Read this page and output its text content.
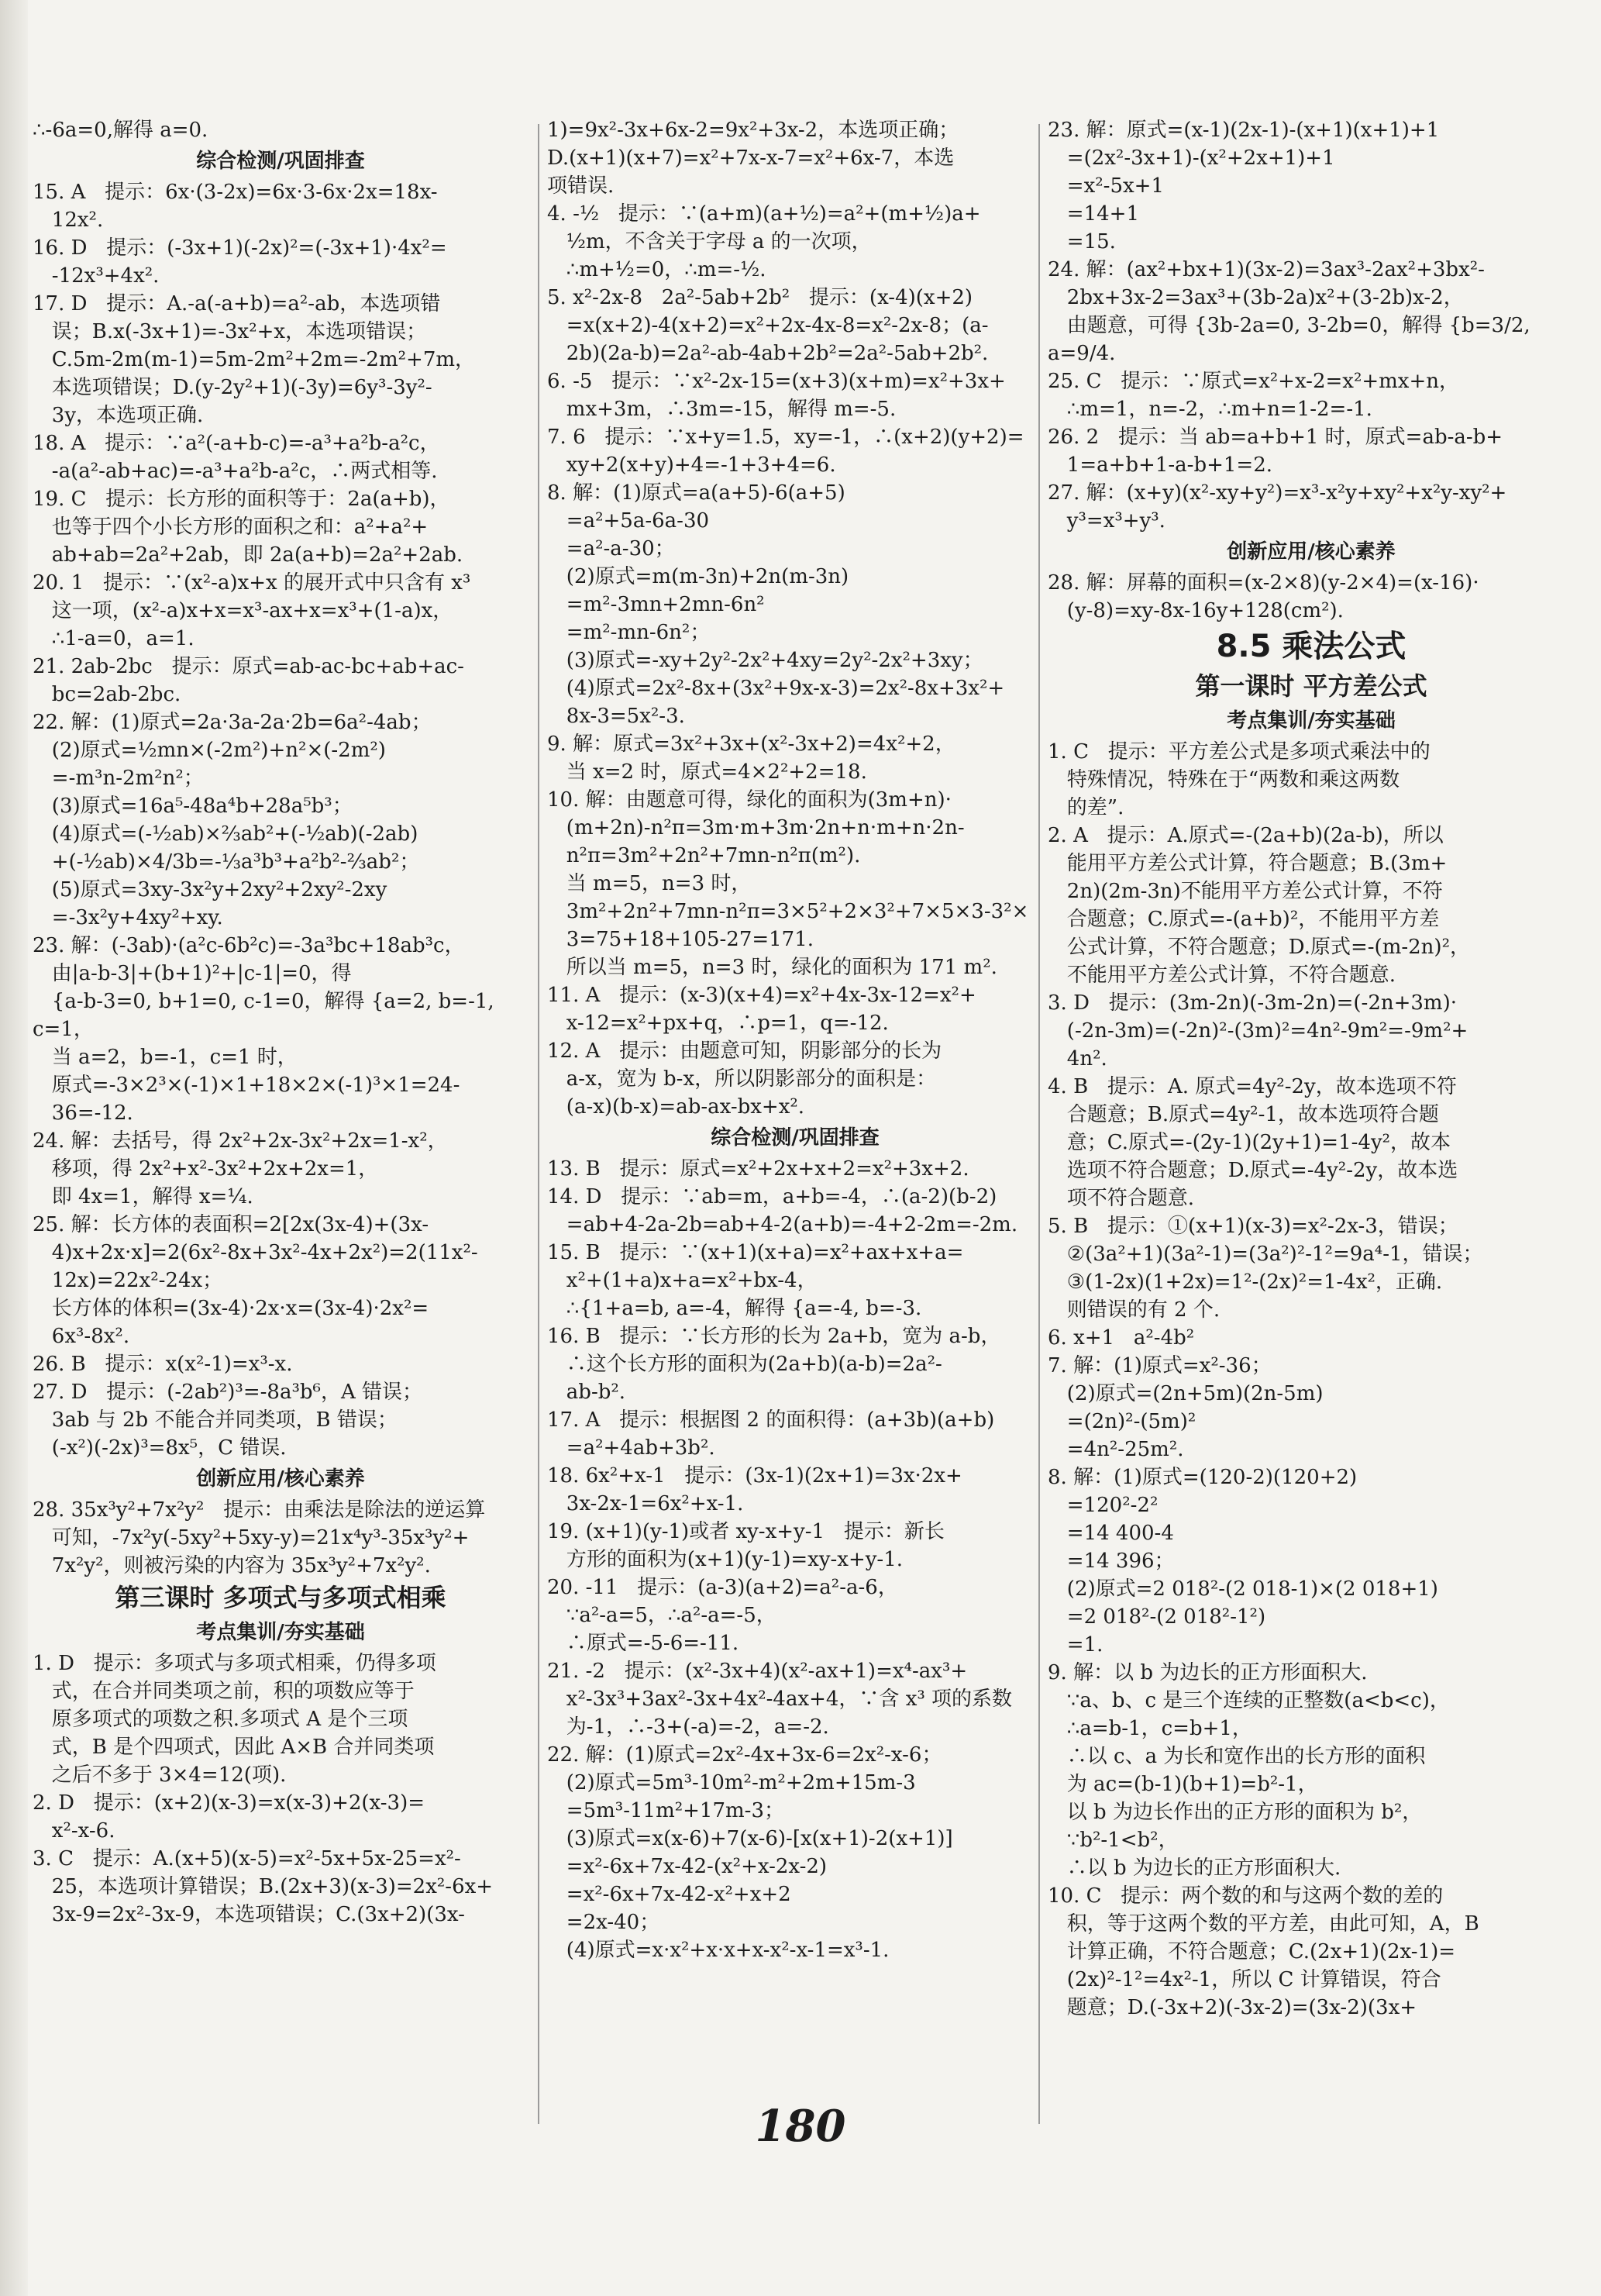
∴-6a=0,解得 a=0.
综合检测/巩固排查
15. A   提示：6x·(3-2x)=6x·3-6x·2x=18x-
12x².
16. D   提示：(-3x+1)(-2x)²=(-3x+1)·4x²=
-12x³+4x².
17. D   提示：A.-a(-a+b)=a²-ab，本选项错
误；B.x(-3x+1)=-3x²+x，本选项错误；
C.5m-2m(m-1)=5m-2m²+2m=-2m²+7m，
本选项错误；D.(y-2y²+1)(-3y)=6y³-3y²-
3y，本选项正确.
18. A   提示：∵a²(-a+b-c)=-a³+a²b-a²c，
-a(a²-ab+ac)=-a³+a²b-a²c，∴两式相等.
19. C   提示：长方形的面积等于：2a(a+b)，
也等于四个小长方形的面积之和：a²+a²+
ab+ab=2a²+2ab，即 2a(a+b)=2a²+2ab.
20. 1   提示：∵(x²-a)x+x 的展开式中只含有 x³
这一项，(x²-a)x+x=x³-ax+x=x³+(1-a)x，
∴1-a=0，a=1.
21. 2ab-2bc   提示：原式=ab-ac-bc+ab+ac-
bc=2ab-2bc.
22. 解：(1)原式=2a·3a-2a·2b=6a²-4ab；
(2)原式=½mn×(-2m²)+n²×(-2m²)
=-m³n-2m²n²；
(3)原式=16a⁵-48a⁴b+28a⁵b³；
(4)原式=(-½ab)×⅔ab²+(-½ab)(-2ab)
+(-½ab)×4/3b=-⅓a³b³+a²b²-⅔ab²；
(5)原式=3xy-3x²y+2xy²+2xy²-2xy
=-3x²y+4xy²+xy.
23. 解：(-3ab)·(a²c-6b²c)=-3a³bc+18ab³c，
由|a-b-3|+(b+1)²+|c-1|=0，得
{a-b-3=0, b+1=0, c-1=0，解得 {a=2, b=-1, c=1，
当 a=2，b=-1，c=1 时，
原式=-3×2³×(-1)×1+18×2×(-1)³×1=24-
36=-12.
24. 解：去括号，得 2x²+2x-3x²+2x=1-x²，
移项，得 2x²+x²-3x²+2x+2x=1，
即 4x=1，解得 x=¼.
25. 解：长方体的表面积=2[2x(3x-4)+(3x-
4)x+2x·x]=2(6x²-8x+3x²-4x+2x²)=2(11x²-
12x)=22x²-24x；
长方体的体积=(3x-4)·2x·x=(3x-4)·2x²=
6x³-8x².
26. B   提示：x(x²-1)=x³-x.
27. D   提示：(-2ab²)³=-8a³b⁶，A 错误；
3ab 与 2b 不能合并同类项，B 错误；
(-x²)(-2x)³=8x⁵，C 错误.
创新应用/核心素养
28. 35x³y²+7x²y²   提示：由乘法是除法的逆运算
可知，-7x²y(-5xy²+5xy-y)=21x⁴y³-35x³y²+
7x²y²，则被污染的内容为 35x³y²+7x²y².
第三课时 多项式与多项式相乘
考点集训/夯实基础
1. D   提示：多项式与多项式相乘，仍得多项
式，在合并同类项之前，积的项数应等于
原多项式的项数之积.多项式 A 是个三项
式，B 是个四项式，因此 A×B 合并同类项
之后不多于 3×4=12(项).
2. D   提示：(x+2)(x-3)=x(x-3)+2(x-3)=
x²-x-6.
3. C   提示：A.(x+5)(x-5)=x²-5x+5x-25=x²-
25，本选项计算错误；B.(2x+3)(x-3)=2x²-6x+
3x-9=2x²-3x-9，本选项错误；C.(3x+2)(3x-
1)=9x²-3x+6x-2=9x²+3x-2，本选项正确；
D.(x+1)(x+7)=x²+7x-x-7=x²+6x-7，本选
项错误.
4. -½   提示：∵(a+m)(a+½)=a²+(m+½)a+
½m，不含关于字母 a 的一次项，
∴m+½=0，∴m=-½.
5. x²-2x-8   2a²-5ab+2b²   提示：(x-4)(x+2)
=x(x+2)-4(x+2)=x²+2x-4x-8=x²-2x-8；(a-
2b)(2a-b)=2a²-ab-4ab+2b²=2a²-5ab+2b².
6. -5   提示：∵x²-2x-15=(x+3)(x+m)=x²+3x+
mx+3m，∴3m=-15，解得 m=-5.
7. 6   提示：∵x+y=1.5，xy=-1，∴(x+2)(y+2)=
xy+2(x+y)+4=-1+3+4=6.
8. 解：(1)原式=a(a+5)-6(a+5)
=a²+5a-6a-30
=a²-a-30；
(2)原式=m(m-3n)+2n(m-3n)
=m²-3mn+2mn-6n²
=m²-mn-6n²；
(3)原式=-xy+2y²-2x²+4xy=2y²-2x²+3xy；
(4)原式=2x²-8x+(3x²+9x-x-3)=2x²-8x+3x²+
8x-3=5x²-3.
9. 解：原式=3x²+3x+(x²-3x+2)=4x²+2，
当 x=2 时，原式=4×2²+2=18.
10. 解：由题意可得，绿化的面积为(3m+n)·
(m+2n)-n²π=3m·m+3m·2n+n·m+n·2n-
n²π=3m²+2n²+7mn-n²π(m²).
当 m=5，n=3 时，
3m²+2n²+7mn-n²π=3×5²+2×3²+7×5×3-3²×
3=75+18+105-27=171.
所以当 m=5，n=3 时，绿化的面积为 171 m².
11. A   提示：(x-3)(x+4)=x²+4x-3x-12=x²+
x-12=x²+px+q，∴p=1，q=-12.
12. A   提示：由题意可知，阴影部分的长为
a-x，宽为 b-x，所以阴影部分的面积是：
(a-x)(b-x)=ab-ax-bx+x².
综合检测/巩固排查
13. B   提示：原式=x²+2x+x+2=x²+3x+2.
14. D   提示：∵ab=m，a+b=-4，∴(a-2)(b-2)
=ab+4-2a-2b=ab+4-2(a+b)=-4+2-2m=-2m.
15. B   提示：∵(x+1)(x+a)=x²+ax+x+a=
x²+(1+a)x+a=x²+bx-4，
∴{1+a=b, a=-4，解得 {a=-4, b=-3.
16. B   提示：∵长方形的长为 2a+b，宽为 a-b，
∴这个长方形的面积为(2a+b)(a-b)=2a²-
ab-b².
17. A   提示：根据图 2 的面积得：(a+3b)(a+b)
=a²+4ab+3b².
18. 6x²+x-1   提示：(3x-1)(2x+1)=3x·2x+
3x-2x-1=6x²+x-1.
19. (x+1)(y-1)或者 xy-x+y-1   提示：新长
方形的面积为(x+1)(y-1)=xy-x+y-1.
20. -11   提示：(a-3)(a+2)=a²-a-6，
∵a²-a=5，∴a²-a=-5，
∴原式=-5-6=-11.
21. -2   提示：(x²-3x+4)(x²-ax+1)=x⁴-ax³+
x²-3x³+3ax²-3x+4x²-4ax+4，∵含 x³ 项的系数
为-1，∴-3+(-a)=-2，a=-2.
22. 解：(1)原式=2x²-4x+3x-6=2x²-x-6；
(2)原式=5m³-10m²-m²+2m+15m-3
=5m³-11m²+17m-3；
(3)原式=x(x-6)+7(x-6)-[x(x+1)-2(x+1)]
=x²-6x+7x-42-(x²+x-2x-2)
=x²-6x+7x-42-x²+x+2
=2x-40；
(4)原式=x·x²+x·x+x-x²-x-1=x³-1.
23. 解：原式=(x-1)(2x-1)-(x+1)(x+1)+1
=(2x²-3x+1)-(x²+2x+1)+1
=x²-5x+1
=14+1
=15.
24. 解：(ax²+bx+1)(3x-2)=3ax³-2ax²+3bx²-
2bx+3x-2=3ax³+(3b-2a)x²+(3-2b)x-2，
由题意，可得 {3b-2a=0, 3-2b=0，解得 {b=3/2, a=9/4.
25. C   提示：∵原式=x²+x-2=x²+mx+n，
∴m=1，n=-2，∴m+n=1-2=-1.
26. 2   提示：当 ab=a+b+1 时，原式=ab-a-b+
1=a+b+1-a-b+1=2.
27. 解：(x+y)(x²-xy+y²)=x³-x²y+xy²+x²y-xy²+
y³=x³+y³.
创新应用/核心素养
28. 解：屏幕的面积=(x-2×8)(y-2×4)=(x-16)·
(y-8)=xy-8x-16y+128(cm²).
8.5 乘法公式
第一课时 平方差公式
考点集训/夯实基础
1. C   提示：平方差公式是多项式乘法中的
特殊情况，特殊在于“两数和乘这两数
的差”.
2. A   提示：A.原式=-(2a+b)(2a-b)，所以
能用平方差公式计算，符合题意；B.(3m+
2n)(2m-3n)不能用平方差公式计算，不符
合题意；C.原式=-(a+b)²，不能用平方差
公式计算，不符合题意；D.原式=-(m-2n)²，
不能用平方差公式计算，不符合题意.
3. D   提示：(3m-2n)(-3m-2n)=(-2n+3m)·
(-2n-3m)=(-2n)²-(3m)²=4n²-9m²=-9m²+
4n².
4. B   提示：A. 原式=4y²-2y，故本选项不符
合题意；B.原式=4y²-1，故本选项符合题
意；C.原式=-(2y-1)(2y+1)=1-4y²，故本
选项不符合题意；D.原式=-4y²-2y，故本选
项不符合题意.
5. B   提示：①(x+1)(x-3)=x²-2x-3，错误；
②(3a²+1)(3a²-1)=(3a²)²-1²=9a⁴-1，错误；
③(1-2x)(1+2x)=1²-(2x)²=1-4x²，正确.
则错误的有 2 个.
6. x+1   a²-4b²
7. 解：(1)原式=x²-36；
(2)原式=(2n+5m)(2n-5m)
=(2n)²-(5m)²
=4n²-25m².
8. 解：(1)原式=(120-2)(120+2)
=120²-2²
=14 400-4
=14 396；
(2)原式=2 018²-(2 018-1)×(2 018+1)
=2 018²-(2 018²-1²)
=1.
9. 解：以 b 为边长的正方形面积大.
∵a、b、c 是三个连续的正整数(a<b<c)，
∴a=b-1，c=b+1，
∴以 c、a 为长和宽作出的长方形的面积
为 ac=(b-1)(b+1)=b²-1，
以 b 为边长作出的正方形的面积为 b²，
∵b²-1<b²，
∴以 b 为边长的正方形面积大.
10. C   提示：两个数的和与这两个数的差的
积，等于这两个数的平方差，由此可知，A，B
计算正确，不符合题意；C.(2x+1)(2x-1)=
(2x)²-1²=4x²-1，所以 C 计算错误，符合
题意；D.(-3x+2)(-3x-2)=(3x-2)(3x+
180
